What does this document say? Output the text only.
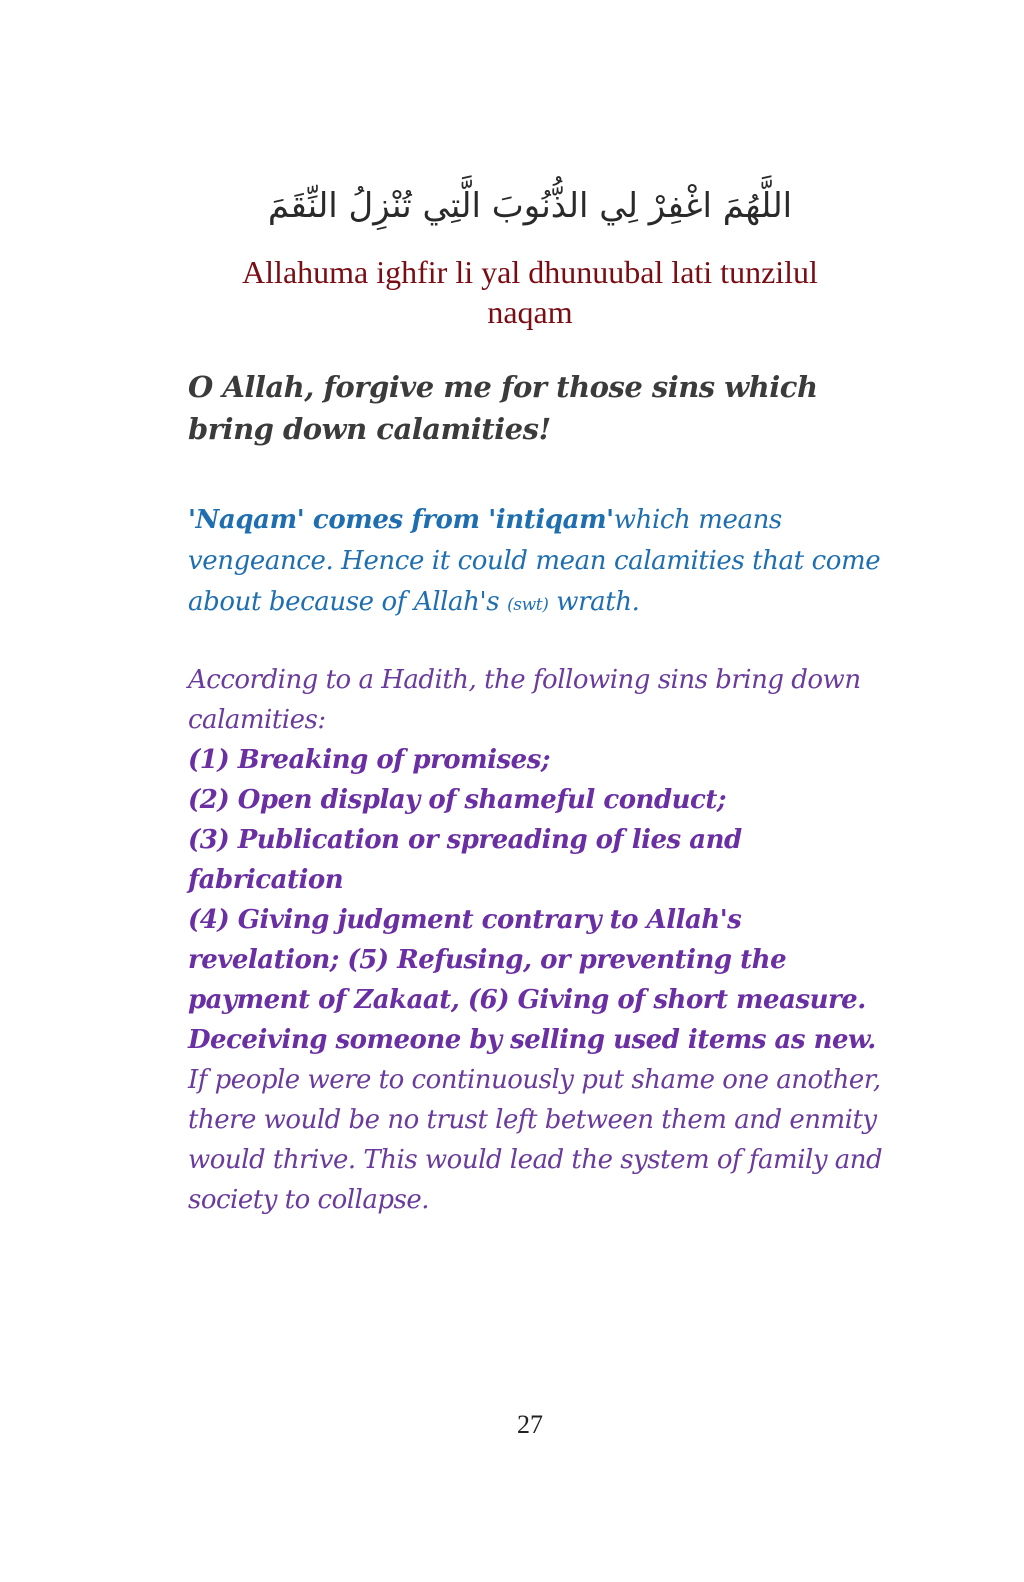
اللَّهُمَ اغْفِرْ لِي الذُّنُوبَ الَّتِي تُنْزِلُ النِّقَمَ
Allahuma ighfir li yal dhunuubal lati tunzilul naqam
O Allah, forgive me for those sins which bring down calamities!
'Naqam' comes from 'intiqam'which means vengeance. Hence it could mean calamities that come about because of Allah's (swt) wrath.

According to a Hadith, the following sins bring down calamities:

(1) Breaking of promises;

(2) Open display of shameful conduct;

(3) Publication or spreading of lies and fabrication

(4) Giving judgment contrary to Allah's revelation; (5) Refusing, or preventing the payment of Zakaat, (6) Giving of short measure. Deceiving someone by selling used items as new.

If people were to continuously put shame one another, there would be no trust left between them and enmity would thrive. This would lead the system of family and society to collapse.

27
